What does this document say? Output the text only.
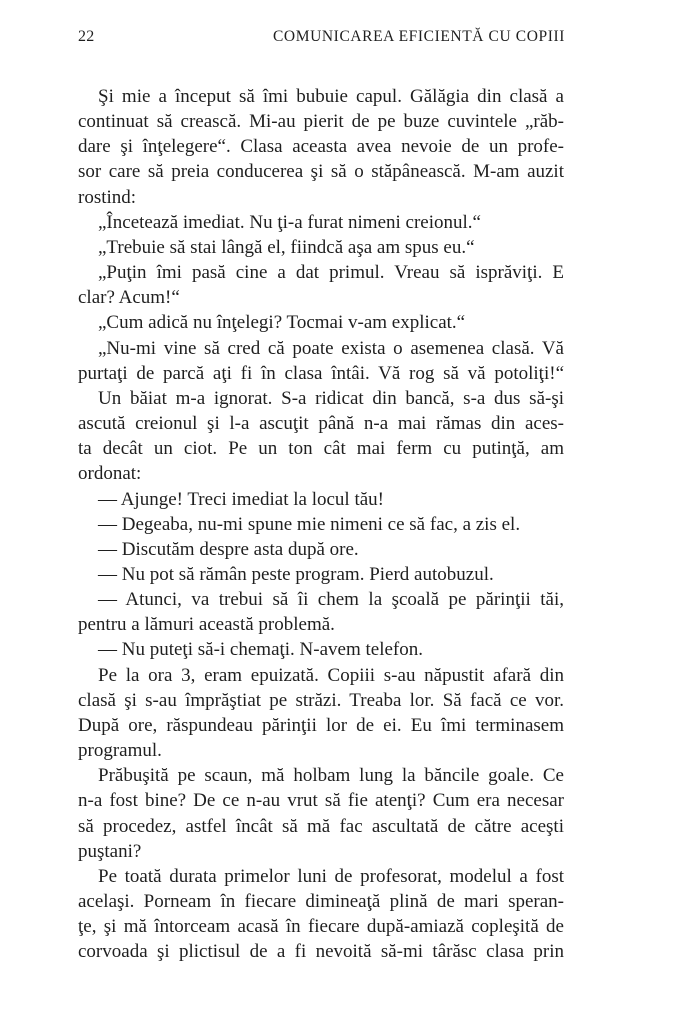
22	COMUNICAREA EFICIENTĂ CU COPIII
Şi mie a început să îmi bubuie capul. Gălăgia din clasă a
continuat să crească. Mi-au pierit de pe buze cuvintele „răb-
dare şi înţelegere“. Clasa aceasta avea nevoie de un profe-
sor care să preia conducerea şi să o stăpânească. M-am auzit
rostind:
„Încetează imediat. Nu ţi-a furat nimeni creionul.“
„Trebuie să stai lângă el, fiindcă aşa am spus eu.“
„Puţin îmi pasă cine a dat primul. Vreau să isprăviţi. E
clar? Acum!“
„Cum adică nu înţelegi? Tocmai v-am explicat.“
„Nu-mi vine să cred că poate exista o asemenea clasă. Vă
purtaţi de parcă aţi fi în clasa întâi. Vă rog să vă potoliţi!“
Un băiat m-a ignorat. S-a ridicat din bancă, s-a dus să-şi
ascută creionul şi l-a ascuţit până n-a mai rămas din aces-
ta decât un ciot. Pe un ton cât mai ferm cu putinţă, am
ordonat:
— Ajunge! Treci imediat la locul tău!
— Degeaba, nu-mi spune mie nimeni ce să fac, a zis el.
— Discutăm despre asta după ore.
— Nu pot să rămân peste program. Pierd autobuzul.
— Atunci, va trebui să îi chem la şcoală pe părinţii tăi,
pentru a lămuri această problemă.
— Nu puteţi să-i chemaţi. N-avem telefon.
Pe la ora 3, eram epuizată. Copiii s-au năpustit afară din
clasă şi s-au împrăştiat pe străzi. Treaba lor. Să facă ce vor.
După ore, răspundeau părinţii lor de ei. Eu îmi terminasem
programul.
Prăbuşită pe scaun, mă holbam lung la băncile goale. Ce
n-a fost bine? De ce n-au vrut să fie atenţi? Cum era necesar
să procedez, astfel încât să mă fac ascultată de către aceşti
puştani?
Pe toată durata primelor luni de profesorat, modelul a fost
acelaşi. Porneam în fiecare dimineaţă plină de mari speran-
ţe, şi mă întorceam acasă în fiecare după-amiază copleşită de
corvoada şi plictisul de a fi nevoită să-mi târăsc clasa prin
